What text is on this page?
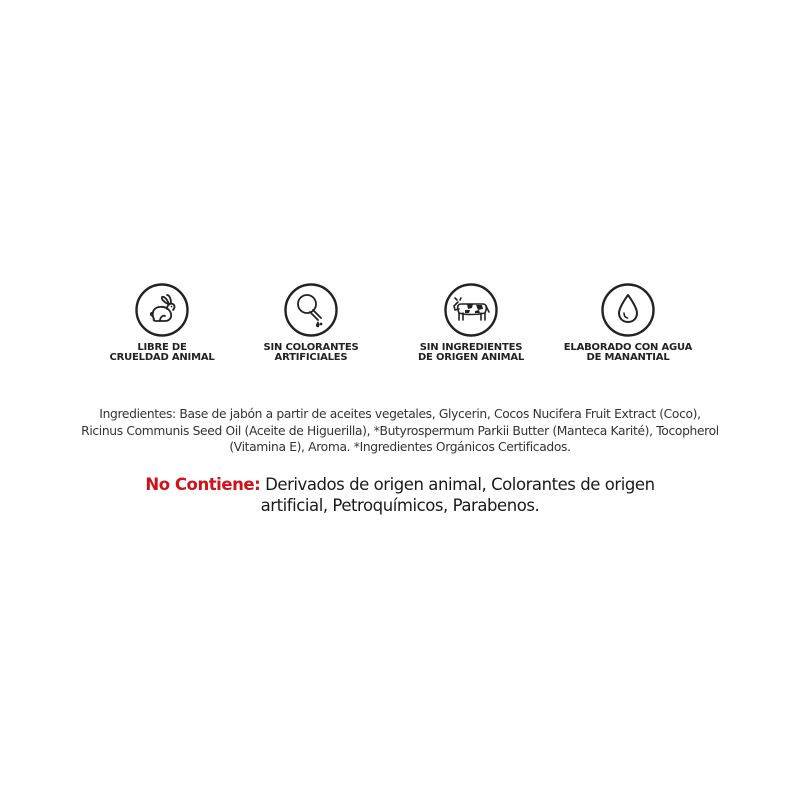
LIBRE DE
CRUELDAD ANIMAL
SIN COLORANTES
ARTIFICIALES
SIN INGREDIENTES
DE ORIGEN ANIMAL
ELABORADO CON AGUA
DE MANANTIAL

Ingredientes: Base de jabón a partir de aceites vegetales, Glycerin, Cocos Nucifera Fruit Extract (Coco), Ricinus Communis Seed Oil (Aceite de Higuerilla), *Butyrospermum Parkii Butter (Manteca Karité), Tocopherol (Vitamina E), Aroma. *Ingredientes Orgánicos Certificados.

No Contiene: Derivados de origen animal, Colorantes de origen artificial, Petroquímicos, Parabenos.
